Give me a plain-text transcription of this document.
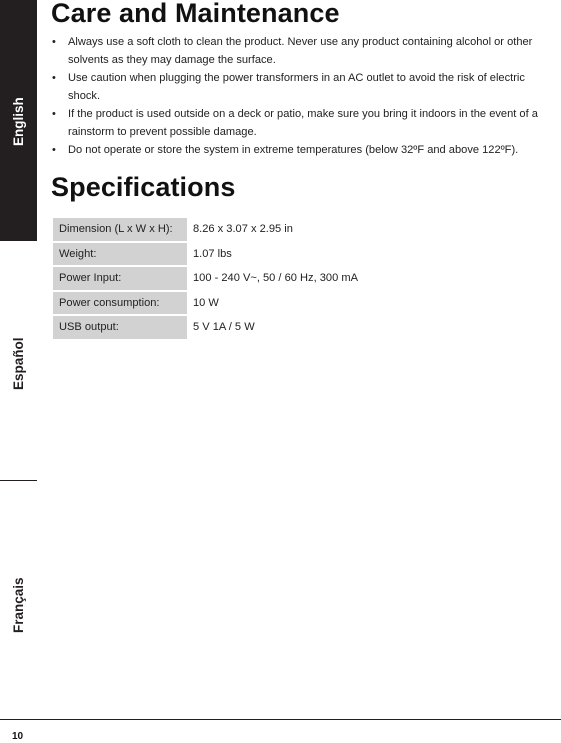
English
Español
Français
Care and Maintenance
• Always use a soft cloth to clean the product. Never use any product containing alcohol or other solvents as they may damage the surface.
• Use caution when plugging the power transformers in an AC outlet to avoid the risk of electric shock.
• If the product is used outside on a deck or patio, make sure you bring it indoors in the event of a rainstorm to prevent possible damage.
• Do not operate or store the system in extreme temperatures (below 32ºF and above 122ºF).
Specifications
Dimension (L x W x H):	8.26 x 3.07 x 2.95 in
Weight:	1.07 lbs
Power Input:	100 - 240 V~, 50 / 60 Hz, 300 mA
Power consumption:	10 W
USB output:	5 V 1A / 5 W
10
